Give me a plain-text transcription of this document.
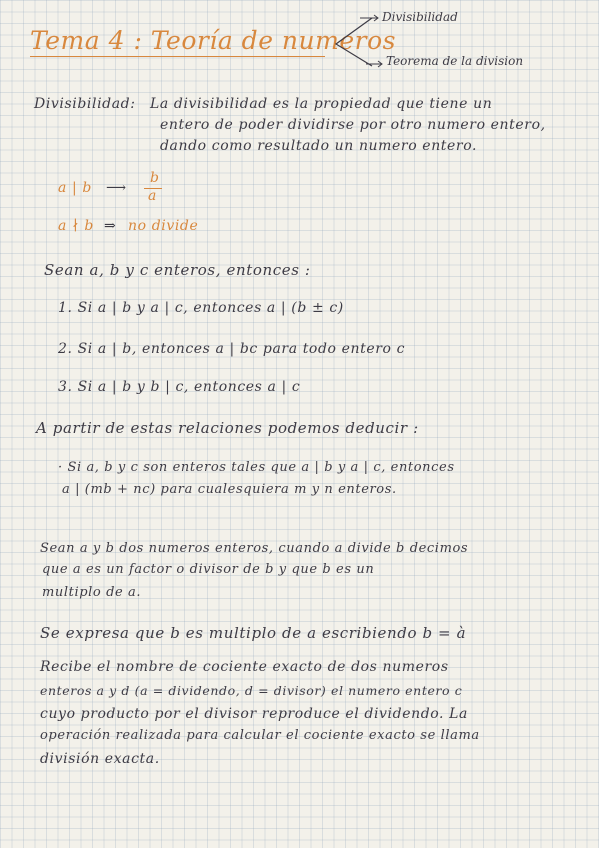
Tema 4 : Teoría de numeros
Divisibilidad
Teorema de la division
Divisibilidad: La divisibilidad es la propiedad que tiene un
entero de poder dividirse por otro numero entero,
dando como resultado un numero entero.
a | b ⟶
b
a
a ∤ b ⇒ no divide
Sean a, b y c enteros, entonces :
1. Si a | b y a | c, entonces a | (b ± c)
2. Si a | b, entonces a | bc para todo entero c
3. Si a | b y b | c, entonces a | c
A partir de estas relaciones podemos deducir :
· Si a, b y c son enteros tales que a | b y a | c, entonces
a | (mb + nc) para cualesquiera m y n enteros.
Sean a y b dos numeros enteros, cuando a divide b decimos
que a es un factor o divisor de b y que b es un
multiplo de a.
Se expresa que b es multiplo de a escribiendo b = à
Recibe el nombre de cociente exacto de dos numeros
enteros a y d (a = dividendo, d = divisor) el numero entero c
cuyo producto por el divisor reproduce el dividendo. La
operación realizada para calcular el cociente exacto se llama
división exacta.
